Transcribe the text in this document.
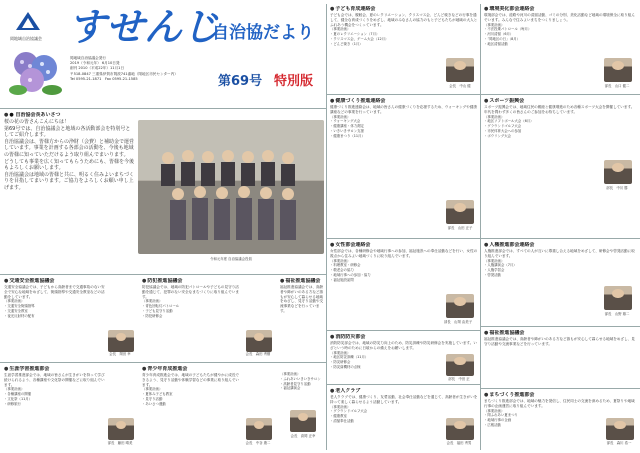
岡地域自治協議会 すせんじ
自治協だより
岡地域自治協議会発行
2019（令和元年） 6月10日発
創刊 2010（平成22年）11月1日
〒518-0847 三重県伊賀市岡波741番地（岡地区市民センター内）
Tel 0595-21-1871　Fax 0595-21-1585	第69号 特別版
● ● 自治協会長あいさつ
桜の花の皆さんこんにちは！
第69号では、自治協議会と地域の各活動部会を特別号としてご紹介します。
自治協議会は、皆様方からの浄財（会費）と補助金で運営しています。事業を計画する各部会の活動を、今後も地域の皆様に知っていただけるよう取り組んでまいります。
どうしても事業を広く知ってもらうためにも、皆様を今後もよろしくお願いします。
自治協議会は地域の皆様と共に、明るく住みよいまちづくりを目指してまいります。ご協力をよろしくお願い申し上げます。
令和元年度 自治協議会役員
● 交通安全推進協議会
交通安全協議会では、子どもから高齢者まで交通事故のない安全で安心な地域をめざして、街頭指導や交通安全教室などの活動をしています。
（事業計画）
・交通安全街頭指導
・交通安全教室
・夜光反射材の配布
会長　岡田 幸
● 防犯推進協議会
防犯協議会では、地域の防犯パトロールや子どもの見守り活動を通じて、犯罪のない安全なまちづくりに取り組んでいます。
（事業計画）
・青色回転灯パトロール
・子ども見守り活動
・防犯研修会
会長　森田 秀樹
● 福祉推進協議会
福祉推進協議会では、高齢者や障がいのある方など誰もが安心して暮らせる地域をめざし、見守り活動や交流事業などを行っています。
● 生涯学習推進部会
生涯学習推進部会では、地域の皆さんが生きがいを持って学び続けられるよう、各種講座や文化祭の開催などに取り組んでいます。
（事業計画）
・各種講座の開催
・文化祭（11月）
・研修旅行
部長　藤田 晴美
● 青少年育成推進会
青少年育成推進会では、地域の子どもたちが健やかに成長できるよう、見守り活動や体験学習などの事業に取り組んでいます。
（事業計画）
・夏休み子ども教室
・見守り活動
・あいさつ運動
会長　中谷 康二
（事業計画）
・ふれあいいきいきサロン
・高齢者見守り活動
・福祉講演会
会長　高岡 正幸
● 子ども育成連絡会
子ども会では、親睦会、夏のレクリエーション、クリスマス会、どんど焼きなどの行事を通して、健全な育成づくりをめざし、地域のみなさんの協力のもと子どもたちが地域の大人とふれあう機会をつくっています。
（事業計画）
・夏のレクリエーション（7月）
・クリスマス会、ゲーム大会（12月）
・どんど焼き（1月）
会長　中山 健
● 健康づくり推進連絡会
健康づくり推進連絡会は、地域の皆さんの健康づくりを応援するため、ウォーキングや健康講座などの事業を行っています。
（事業計画）
・ウォーキング大会
・健康講座・体力測定
・いきいきサロン支援
・健康まつり（11月）
部長　山田 正子
● 女性部会連絡会
女性部会では、各種研修会や地域行事への参加、福祉施設への奉仕活動などを行い、女性の視点から住みよい地域づくりに取り組んでいます。
（事業計画）
・料理教室・研修会
・敬老会の協力
・地域行事への参加・協力
・福祉施設訪問
部長　山岡 由美子
● 消防防災部会
消防防災部会では、地域の防災力向上のため、防災訓練や防災研修会を実施しています。いざという時のために日頃からの備えをお願いします。
（事業計画）
・地区防災訓練（11月）
・防災研修会
・防災資機材の点検
部長　中田 正
● 老人クラブ
老人クラブでは、健康づくり、友愛活動、社会奉仕活動などを通じて、高齢者が生きがいを持って楽しく暮らせるよう活動しています。
（事業計画）
・グラウンドゴルフ大会
・健康教室
・清掃奉仕活動
会長　福田 秀男
● 環境美化部会連絡会
環境部会では、道路や河川の清掃活動、ゴミの分別、美化活動など地域の環境保全に取り組んでいます。みんなで住みよいまちをつくりましょう。
（事業計画）
・不法投棄パトロール（毎月）
・河川清掃（6月）
・「岡地区の日」（8月）
・地区清掃活動
部長　山口 健二
● スポーツ振興会
スポーツ振興会では、地域住民の親睦と健康増進のため各種スポーツ大会を開催しています。年代を問わず多くの皆さんのご参加をお待ちしています。
（事業計画）
・地区ソフトボール大会（6月）
・グラウンドゴルフ大会
・市民体育大会への参加
・ボウリング大会
部長　中川 勝
● 人権推進部会連絡会
人権推進部会では、すべての人が互いに尊重し合える地域をめざして、研修会や啓発活動に取り組んでいます。
（事業計画）
・人権講演会（7月）
・人権学習会
・啓発活動
部長　山野 雄二
● 福祉推進協議会
福祉推進協議会では、高齢者や障がいのある方など誰もが安心して暮らせる地域をめざし、見守り活動や交流事業などを行っています。
● まちづくり推進部会
まちづくり推進部会では、地域の魅力を発信し、住民同士の交流を深めるため、夏祭りや地域行事の企画運営に取り組んでいます。
（事業計画）
・岡ふれあい夏まつり
・地域行事の企画
・広報活動
部長　森川 浩一
